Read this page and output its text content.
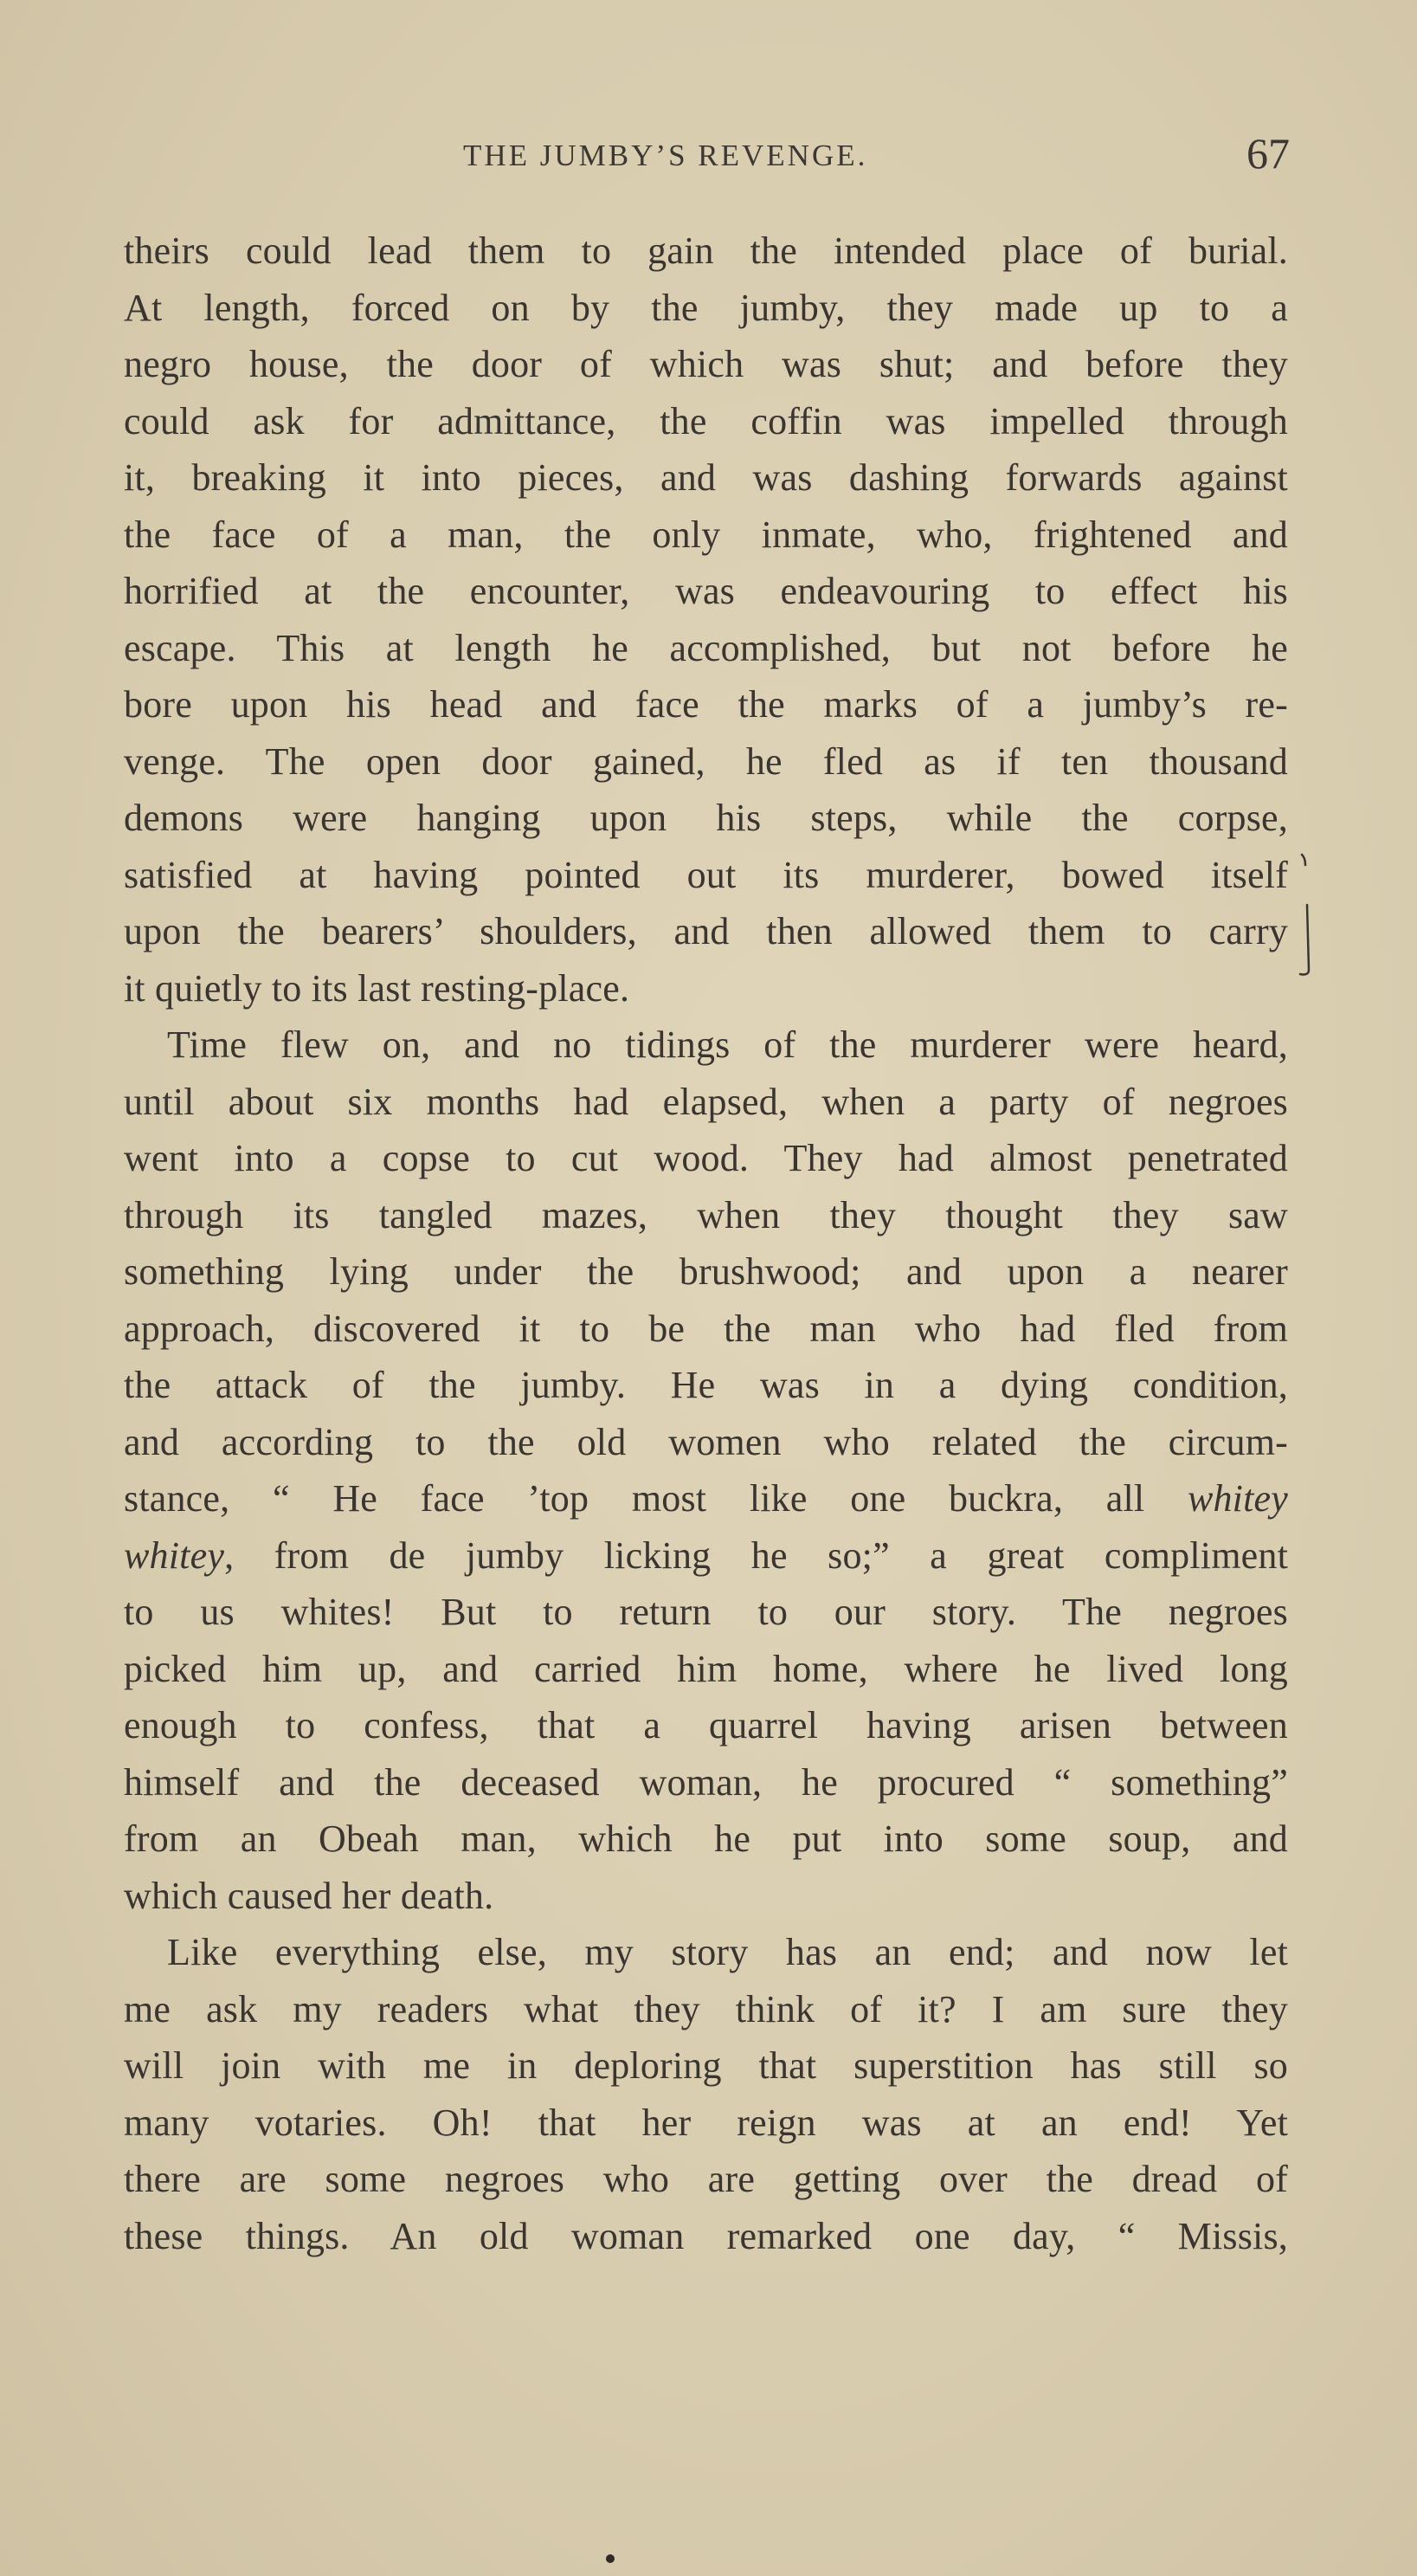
THE JUMBY’S REVENGE.	67
theirs could lead them to gain the intended place of burial.
At length, forced on by the jumby, they made up to a
negro house, the door of which was shut; and before they
could ask for admittance, the coffin was impelled through
it, breaking it into pieces, and was dashing forwards against
the face of a man, the only inmate, who, frightened and
horrified at the encounter, was endeavouring to effect his
escape. This at length he accomplished, but not before he
bore upon his head and face the marks of a jumby’s re-
venge. The open door gained, he fled as if ten thousand
demons were hanging upon his steps, while the corpse,
satisfied at having pointed out its murderer, bowed itself
upon the bearers’ shoulders, and then allowed them to carry
it quietly to its last resting-place.
Time flew on, and no tidings of the murderer were heard,
until about six months had elapsed, when a party of negroes
went into a copse to cut wood. They had almost penetrated
through its tangled mazes, when they thought they saw
something lying under the brushwood; and upon a nearer
approach, discovered it to be the man who had fled from
the attack of the jumby. He was in a dying condition,
and according to the old women who related the circum-
stance, “ He face ’top most like one buckra, all whitey
whitey, from de jumby licking he so;” a great compliment
to us whites! But to return to our story. The negroes
picked him up, and carried him home, where he lived long
enough to confess, that a quarrel having arisen between
himself and the deceased woman, he procured “ something”
from an Obeah man, which he put into some soup, and
which caused her death.
Like everything else, my story has an end; and now let
me ask my readers what they think of it? I am sure they
will join with me in deploring that superstition has still so
many votaries. Oh! that her reign was at an end! Yet
there are some negroes who are getting over the dread of
these things. An old woman remarked one day, “ Missis,
